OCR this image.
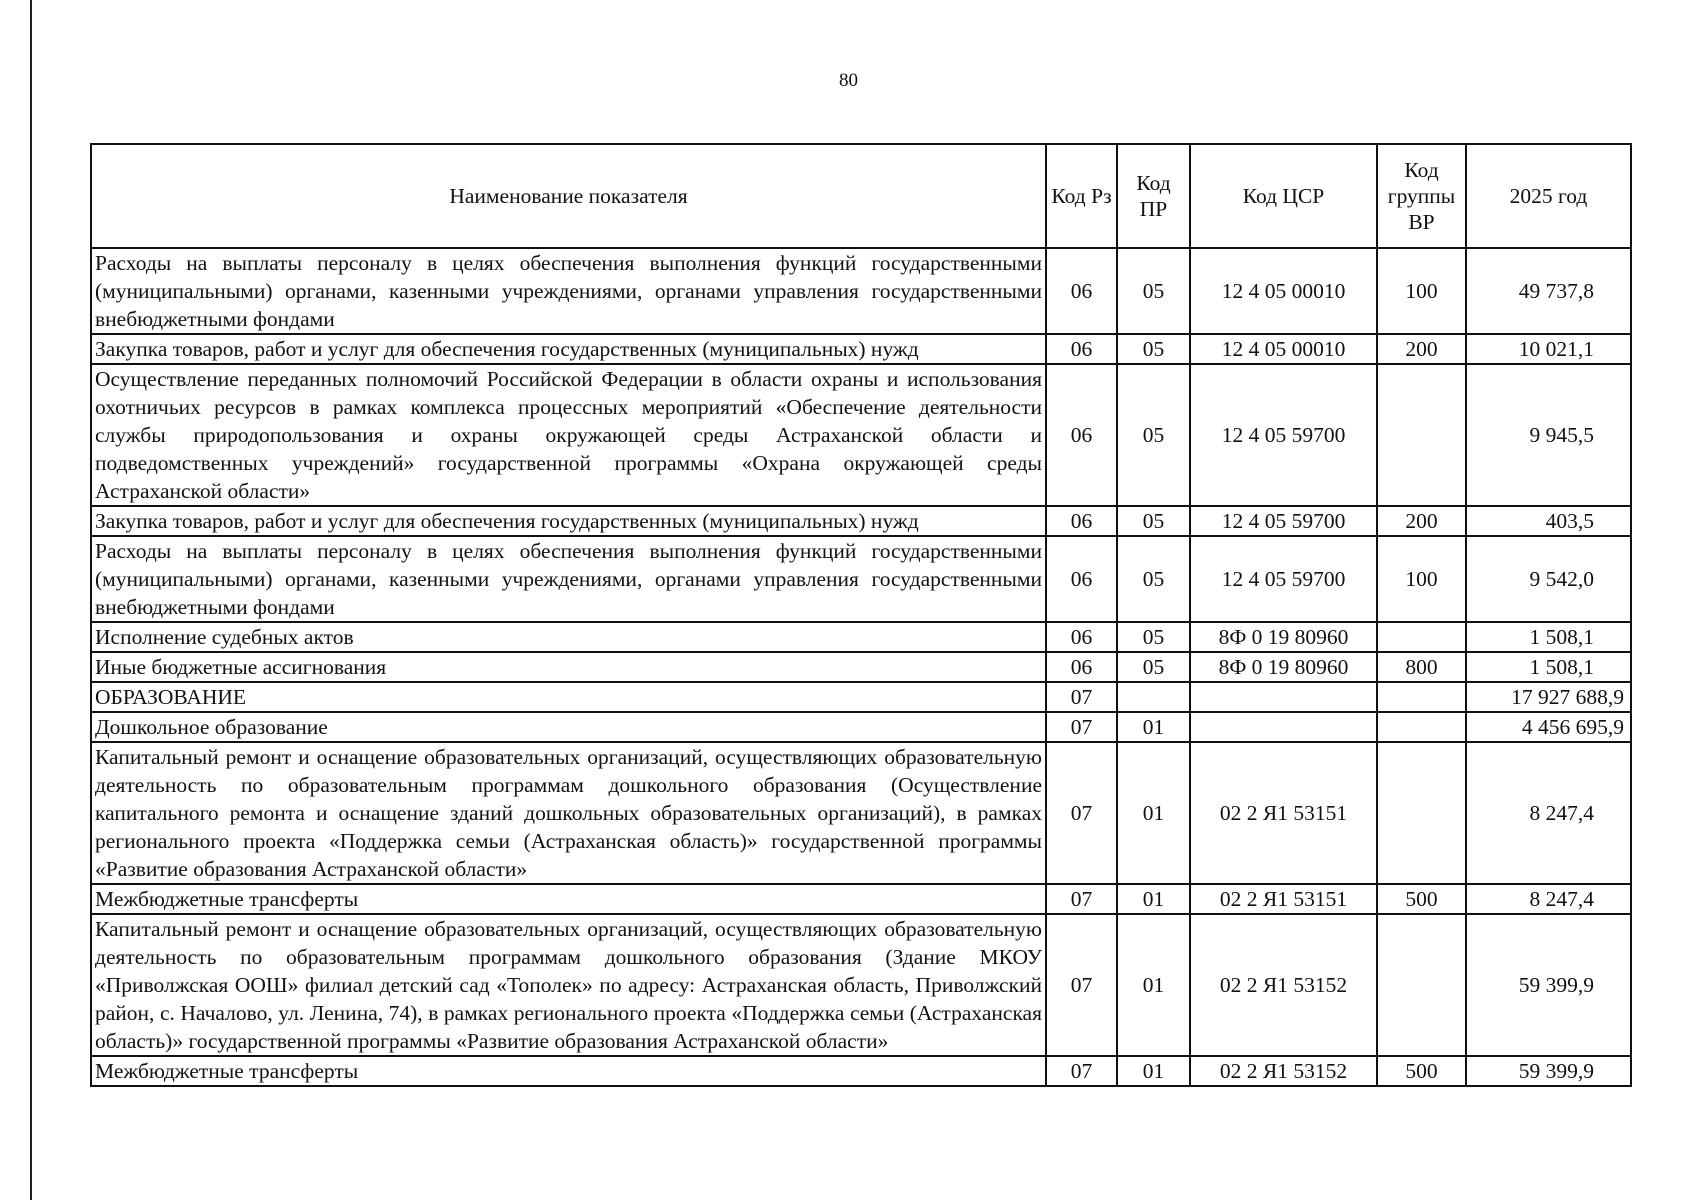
80
Наименование показателя	Код Рз	Код ПР	Код ЦСР	Код группы ВР	2025 год
Расходы на выплаты персоналу в целях обеспечения выполнения функций государственными (муниципальными) органами, казенными учреждениями, органами управления государственными внебюджетными фондами	06	05	12 4 05 00010	100	49 737,8
Закупка товаров, работ и услуг для обеспечения государственных (муниципальных) нужд	06	05	12 4 05 00010	200	10 021,1
Осуществление переданных полномочий Российской Федерации в области охраны и использования охотничьих ресурсов в рамках комплекса процессных мероприятий «Обеспечение деятельности службы природопользования и охраны окружающей среды Астраханской области и подведомственных учреждений» государственной программы «Охрана окружающей среды Астраханской области»	06	05	12 4 05 59700		9 945,5
Закупка товаров, работ и услуг для обеспечения государственных (муниципальных) нужд	06	05	12 4 05 59700	200	403,5
Расходы на выплаты персоналу в целях обеспечения выполнения функций государственными (муниципальными) органами, казенными учреждениями, органами управления государственными внебюджетными фондами	06	05	12 4 05 59700	100	9 542,0
Исполнение судебных актов	06	05	8Ф 0 19 80960		1 508,1
Иные бюджетные ассигнования	06	05	8Ф 0 19 80960	800	1 508,1
ОБРАЗОВАНИЕ	07				17 927 688,9
Дошкольное образование	07	01			4 456 695,9
Капитальный ремонт и оснащение образовательных организаций, осуществляющих образовательную деятельность по образовательным программам дошкольного образования (Осуществление капитального ремонта и оснащение зданий дошкольных образовательных организаций), в рамках регионального проекта «Поддержка семьи (Астраханская область)» государственной программы «Развитие образования Астраханской области»	07	01	02 2 Я1 53151		8 247,4
Межбюджетные трансферты	07	01	02 2 Я1 53151	500	8 247,4
Капитальный ремонт и оснащение образовательных организаций, осуществляющих образовательную деятельность по образовательным программам дошкольного образования (Здание МКОУ «Приволжская ООШ» филиал детский сад «Тополек» по адресу: Астраханская область, Приволжский район, с. Началово, ул. Ленина, 74), в рамках регионального проекта «Поддержка семьи (Астраханская область)» государственной программы «Развитие образования Астраханской области»	07	01	02 2 Я1 53152		59 399,9
Межбюджетные трансферты	07	01	02 2 Я1 53152	500	59 399,9
